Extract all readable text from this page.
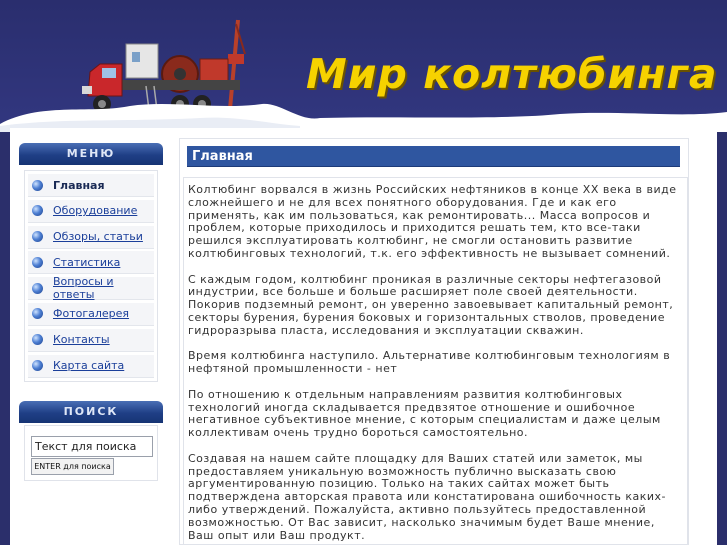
Мир колтюбинга
МЕНЮ
Главная
Оборудование
Обзоры, статьи
Статистика
Вопросы и ответы
Фотогалерея
Контакты
Карта сайта
ПОИСК
Текст для поиска
ENTER для поиска
Главная

Колтюбинг ворвался в жизнь Российских нефтяников в конце XX века в виде сложнейшего и не для всех понятного оборудования. Где и как его применять, как им пользоваться, как ремонтировать... Масса вопросов и проблем, которые приходилось и приходится решать тем, кто все-таки решился эксплуатировать колтюбинг, не смогли остановить развитие колтюбинговых технологий, т.к. его эффективность не вызывает сомнений.

С каждым годом, колтюбинг проникая в различные секторы нефтегазовой индустрии, все больше и больше расширяет поле своей деятельности. Покорив подземный ремонт, он уверенно завоевывает капитальный ремонт, секторы бурения, бурения боковых и горизонтальных стволов, проведение гидроразрыва пласта, исследования и эксплуатации скважин.

Время колтюбинга наступило. Альтернативе колтюбинговым технологиям в нефтяной промышленности - нет

По отношению к отдельным направлениям развития колтюбинговых технологий иногда складывается предвзятое отношение и ошибочное негативное субъективное мнение, с которым специалистам и даже целым коллективам очень трудно бороться самостоятельно.

Создавая на нашем сайте площадку для Ваших статей или заметок, мы предоставляем уникальную возможность публично высказать свою аргументированную позицию. Только на таких сайтах может быть подтверждена авторская правота или констатирована ошибочность каких-либо утверждений. Пожалуйста, активно пользуйтесь предоставленной возможностью. От Вас зависит, насколько значимым будет Ваше мнение, Ваш опыт или Ваш продукт.
